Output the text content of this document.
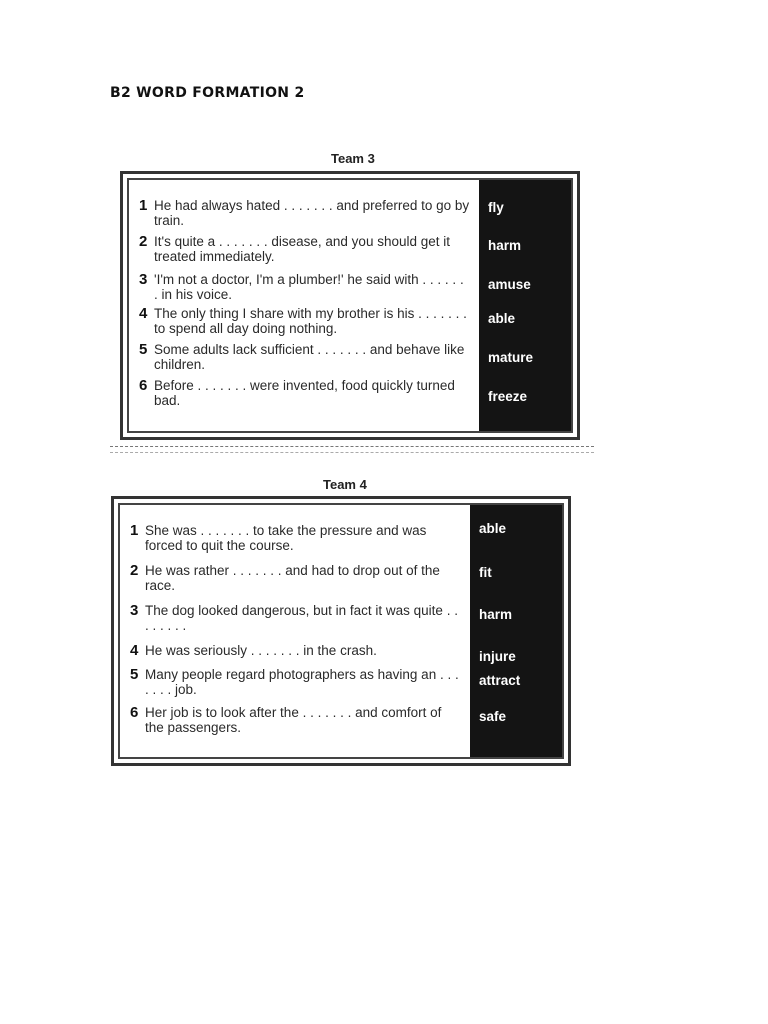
B2 WORD FORMATION 2
Team 3
1 He had always hated . . . . . . . and preferred to go by train.
2 It's quite a . . . . . . . disease, and you should get it treated immediately.
3 'I'm not a doctor, I'm a plumber!' he said with . . . . . . . in his voice.
4 The only thing I share with my brother is his . . . . . . . to spend all day doing nothing.
5 Some adults lack sufficient . . . . . . . and behave like children.
6 Before . . . . . . . were invented, food quickly turned bad.
fly
harm
amuse
able
mature
freeze
Team 4
1 She was . . . . . . . to take the pressure and was forced to quit the course.
2 He was rather . . . . . . . and had to drop out of the race.
3 The dog looked dangerous, but in fact it was quite . . . . . . . .
4 He was seriously . . . . . . . in the crash.
5 Many people regard photographers as having an . . . . . . . job.
6 Her job is to look after the . . . . . . . and comfort of the passengers.
able
fit
harm
injure
attract
safe
